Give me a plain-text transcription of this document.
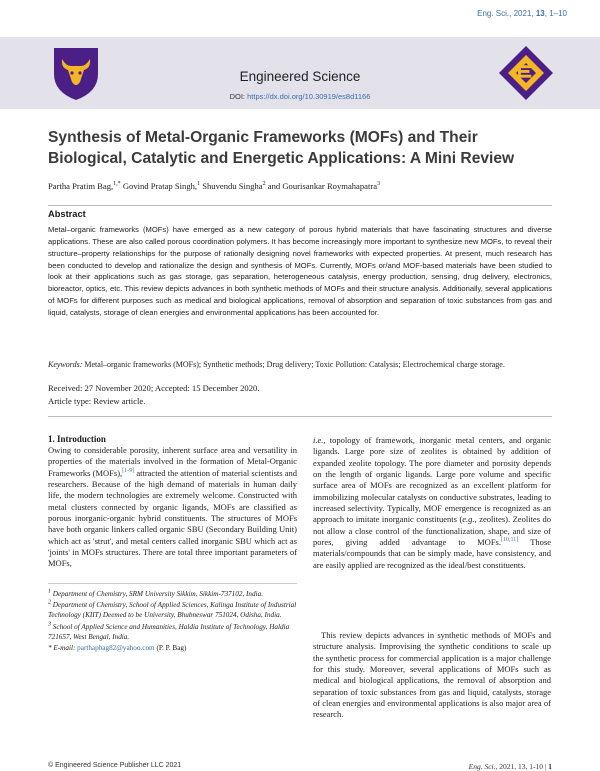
Eng. Sci., 2021, 13, 1–10
Engineered Science
DOI: https://dx.doi.org/10.30919/es8d1166
Synthesis of Metal-Organic Frameworks (MOFs) and Their
Biological, Catalytic and Energetic Applications: A Mini Review
Partha Pratim Bag,$^{1,*}$ Govind Pratap Singh,$^1$ Shuvendu Singha$^2$ and Gourisankar Roymahapatra$^3$
Abstract
Metal–organic frameworks (MOFs) have emerged as a new category of porous hybrid materials that have fascinating structures and diverse applications. These are also called porous coordination polymers. It has become increasingly more important to synthesize new MOFs, to reveal their structure–property relationships for the purpose of rationally designing novel frameworks with expected properties. At present, much research has been conducted to develop and rationalize the design and synthesis of MOFs. Currently, MOFs or/and MOF-based materials have been studied to look at their applications such as gas storage, gas separation, heterogeneous catalysis, energy production, sensing, drug delivery, electronics, bioreactor, optics, etc. This review depicts advances in both synthetic methods of MOFs and their structure analysis. Additionally, several applications of MOFs for different purposes such as medical and biological applications, removal of absorption and separation of toxic substances from gas and liquid, catalysts, storage of clean energies and environmental applications has been accounted for.
Keywords: Metal–organic frameworks (MOFs); Synthetic methods; Drug delivery; Toxic Pollution: Catalysis; Electrochemical charge storage.
Received: 27 November 2020; Accepted: 15 December 2020.
Article type: Review article.
1. Introduction
Owing to considerable porosity, inherent surface area and versatility in properties of the materials involved in the formation of Metal-Organic Frameworks (MOFs),[1-9] attracted the attention of material scientists and researchers. Because of the high demand of materials in human daily life, the modern technologies are extremely welcome. Constructed with metal clusters connected by organic ligands, MOFs are classified as porous inorganic-organic hybrid constituents. The structures of MOFs have both organic linkers called organic SBU (Secondary Building Unit) which act as 'strut', and metal centers called inorganic SBU which act as 'joints' in MOFs structures. There are total three important parameters of MOFs,
$^1$ Department of Chemistry, SRM University Sikkim, Sikkim-737102, India.
$^2$ Department of Chemistry, School of Applied Sciences, Kalinga Institute of Industrial Technology (KIIT) Deemed to be University, Bhubneswar 751024, Odisha, India.
$^3$ School of Applied Science and Humanities, Haldia Institute of Technology, Haldia 721657, West Bengal, India.
* E-mail: parthapbag82@yahoo.com (P. P. Bag)
i.e., topology of framework, inorganic metal centers, and organic ligands. Large pore size of zeolites is obtained by addition of expanded zeolite topology. The pore diameter and porosity depends on the length of organic ligands. Large pore volume and specific surface area of MOFs are recognized as an excellent platform for immobilizing molecular catalysts on conductive substrates, leading to increased selectivity. Typically, MOF emergence is recognized as an approach to imitate inorganic constituents (e.g., zeolites). Zeolites do not allow a close control of the functionalization, shape, and size of pores, giving added advantage to MOFs.[10,11] Those materials/compounds that can be simply made, have consistency, and are easily applied are recognized as the ideal/best constituents.
This review depicts advances in synthetic methods of MOFs and structure analysis. Improvising the synthetic conditions to scale up the synthetic process for commercial application is a major challenge for this study. Moreover, several applications of MOFs such as medical and biological applications, the removal of absorption and separation of toxic substances from gas and liquid, catalysts, storage of clean energies and environmental applications is also major area of research.
© Engineered Science Publisher LLC 2021	Eng. Sci., 2021, 13, 1-10 | 1
